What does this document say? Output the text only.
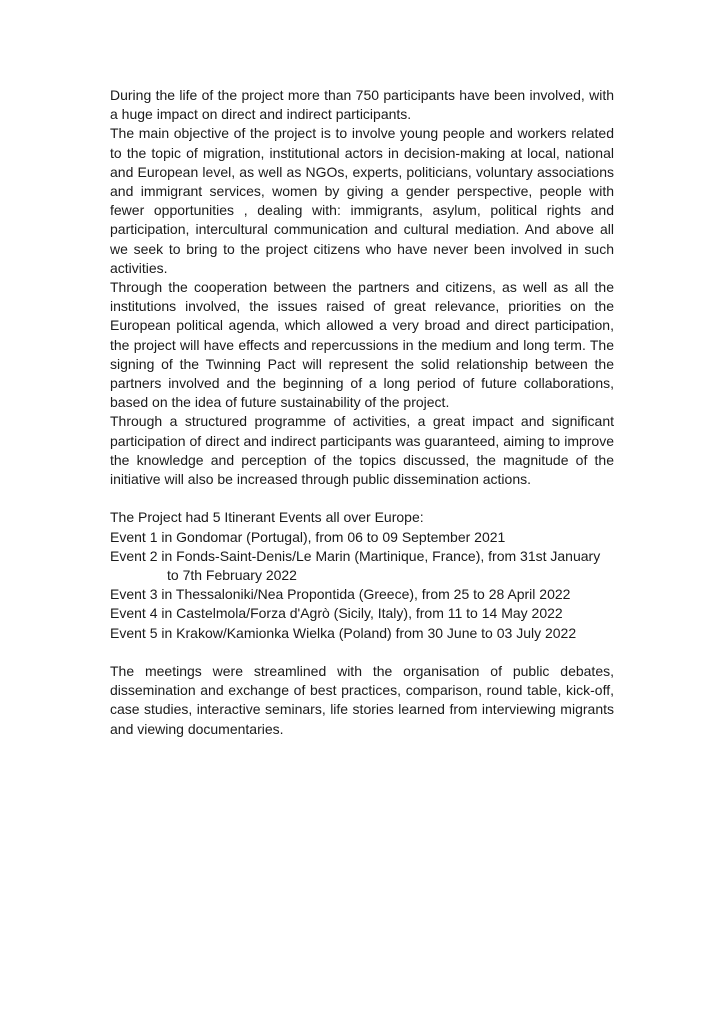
During the life of the project more than 750 participants have been involved, with a huge impact on direct and indirect participants.

The main objective of the project is to involve young people and workers related to the topic of migration, institutional actors in decision-making at local, national and European level, as well as NGOs, experts, politicians, voluntary associations and immigrant services, women by giving a gender perspective, people with fewer opportunities , dealing with: immigrants, asylum, political rights and participation, intercultural communication and cultural mediation. And above all we seek to bring to the project citizens who have never been involved in such activities.

Through the cooperation between the partners and citizens, as well as all the institutions involved, the issues raised of great relevance, priorities on the European political agenda, which allowed a very broad and direct participation, the project will have effects and repercussions in the medium and long term. The signing of the Twinning Pact will represent the solid relationship between the partners involved and the beginning of a long period of future collaborations, based on the idea of future sustainability of the project.

Through a structured programme of activities, a great impact and significant participation of direct and indirect participants was guaranteed, aiming to improve the knowledge and perception of the topics discussed, the magnitude of the initiative will also be increased through public dissemination actions.

The Project had 5 Itinerant Events all over Europe:

Event 1 in Gondomar (Portugal), from 06 to 09 September 2021

Event 2 in Fonds-Saint-Denis/Le Marin (Martinique, France), from 31st January to 7th February 2022

Event 3 in Thessaloniki/Nea Propontida (Greece), from 25 to 28 April 2022

Event 4 in Castelmola/Forza d'Agrò (Sicily, Italy), from 11 to 14 May 2022

Event 5 in Krakow/Kamionka Wielka (Poland) from 30 June to 03 July 2022

The meetings were streamlined with the organisation of public debates, dissemination and exchange of best practices, comparison, round table, kick-off, case studies, interactive seminars, life stories learned from interviewing migrants and viewing documentaries.
